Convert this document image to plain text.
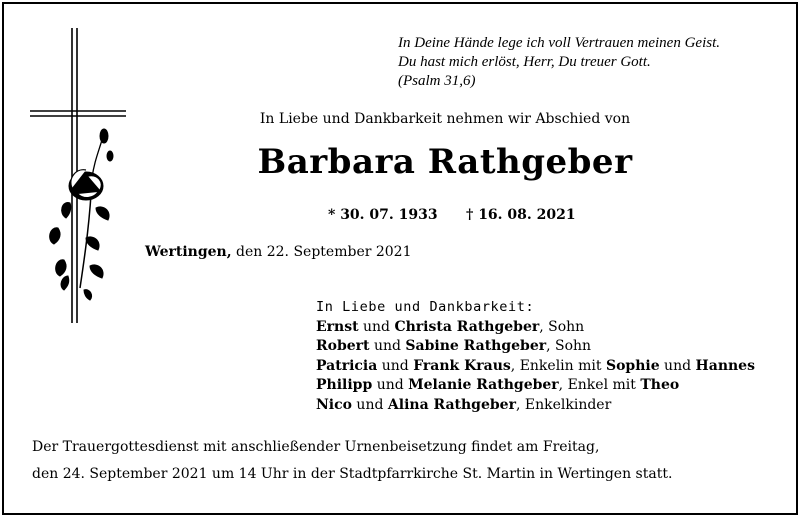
In Deine Hände lege ich voll Vertrauen meinen Geist.
Du hast mich erlöst, Herr, Du treuer Gott.
(Psalm 31,6)
In Liebe und Dankbarkeit nehmen wir Abschied von
Barbara Rathgeber
* 30. 07. 1933 † 16. 08. 2021
Wertingen, den 22. September 2021
In Liebe und Dankbarkeit:
Ernst und Christa Rathgeber, Sohn
Robert und Sabine Rathgeber, Sohn
Patricia und Frank Kraus, Enkelin mit Sophie und Hannes
Philipp und Melanie Rathgeber, Enkel mit Theo
Nico und Alina Rathgeber, Enkelkinder
Der Trauergottesdienst mit anschließender Urnenbeisetzung findet am Freitag,
den 24. September 2021 um 14 Uhr in der Stadtpfarrkirche St. Martin in Wertingen statt.
